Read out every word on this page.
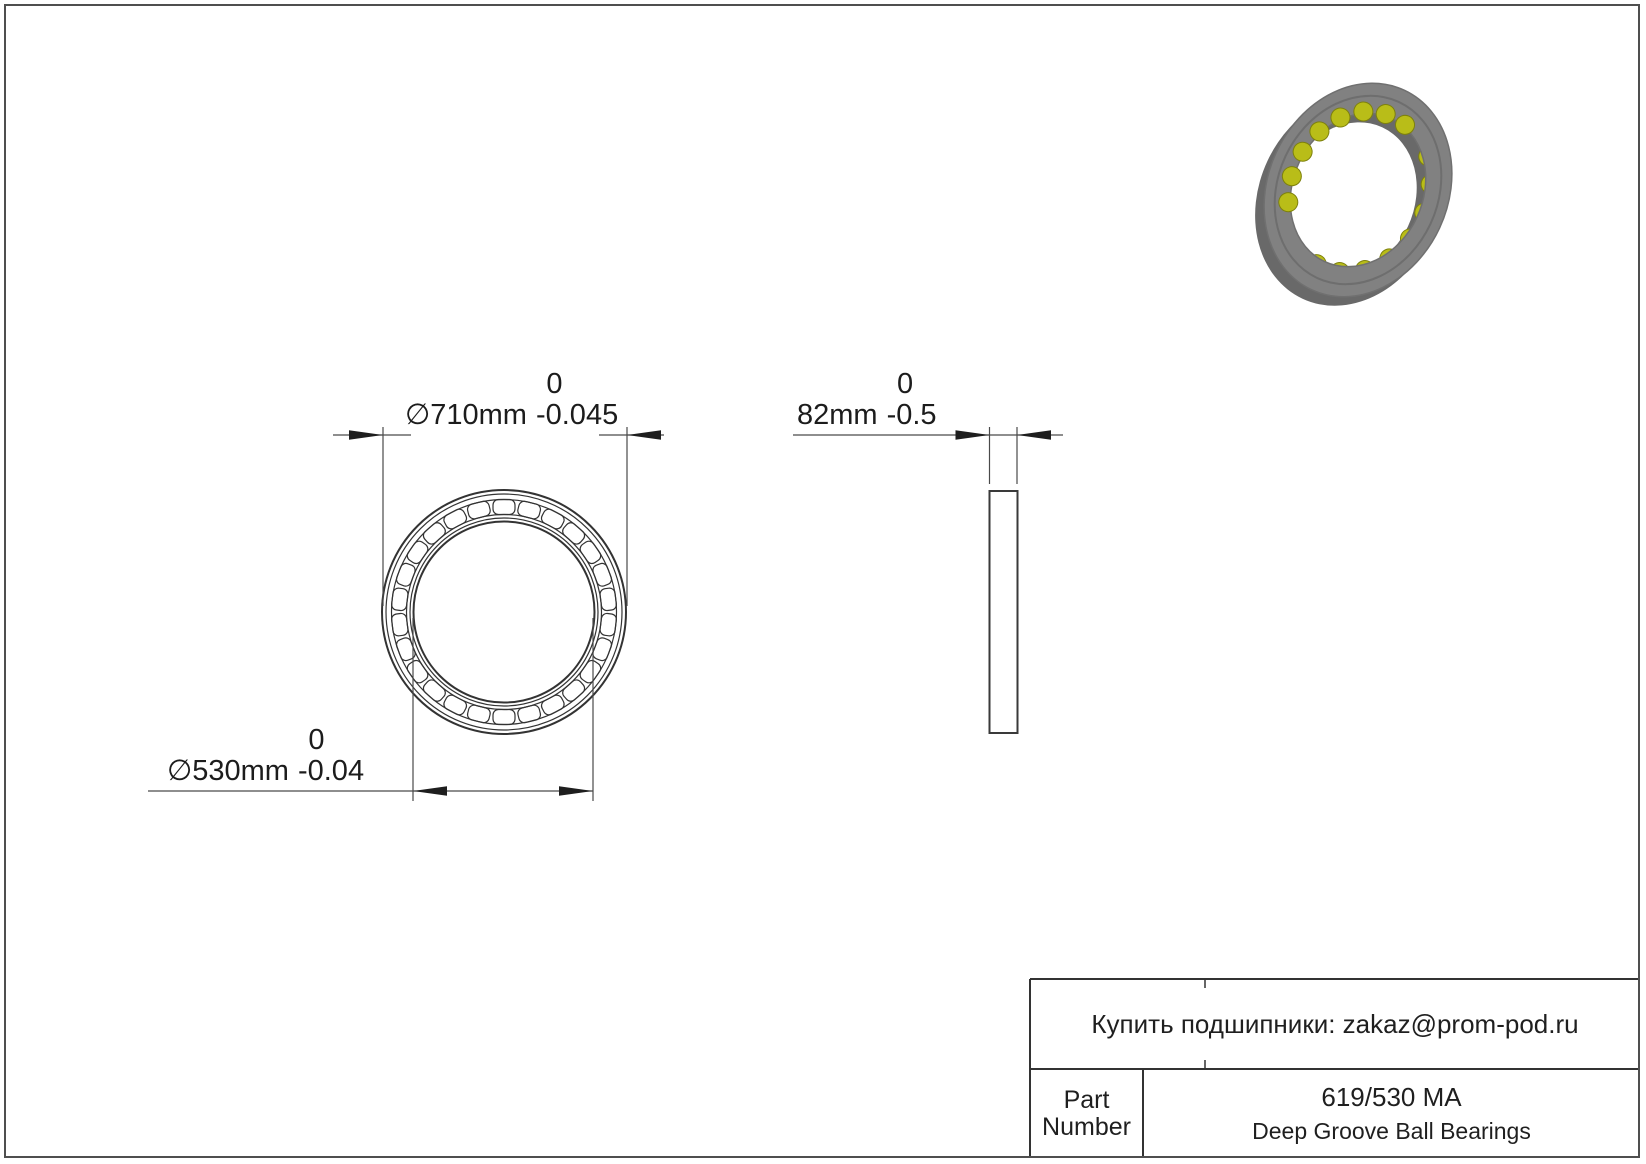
∅710mm
0
-0.045	82mm
0
-0.5
∅530mm
0
-0.04
Купить подшипники: zakaz@prom-pod.ru
Part Number
619/530 MA
Deep Groove Ball Bearings
